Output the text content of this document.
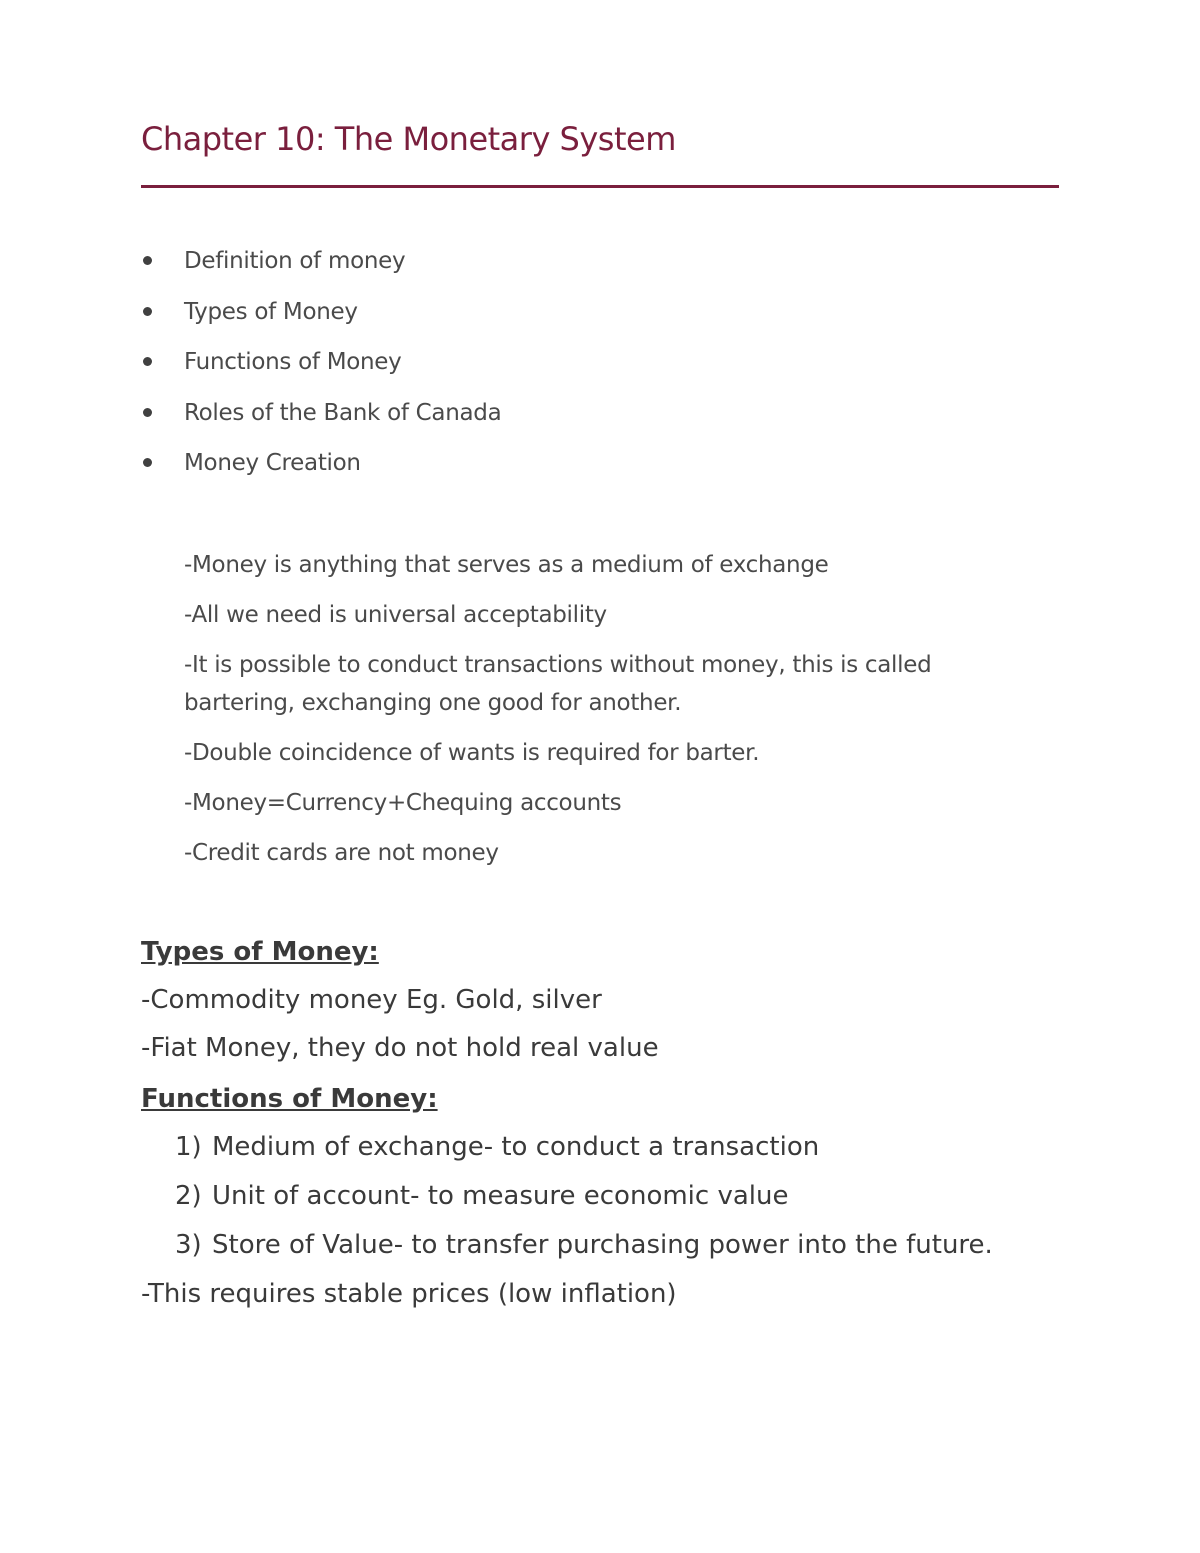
Chapter 10: The Monetary System
Definition of money
Types of Money
Functions of Money
Roles of the Bank of Canada
Money Creation

-Money is anything that serves as a medium of exchange

-All we need is universal acceptability

-It is possible to conduct transactions without money, this is called bartering, exchanging one good for another.

-Double coincidence of wants is required for barter.

-Money=Currency+Chequing accounts

-Credit cards are not money

Types of Money:
-Commodity money Eg. Gold, silver
-Fiat Money, they do not hold real value
Functions of Money:
1) Medium of exchange- to conduct a transaction
2) Unit of account- to measure economic value
3) Store of Value- to transfer purchasing power into the future.
-This requires stable prices (low inflation)
